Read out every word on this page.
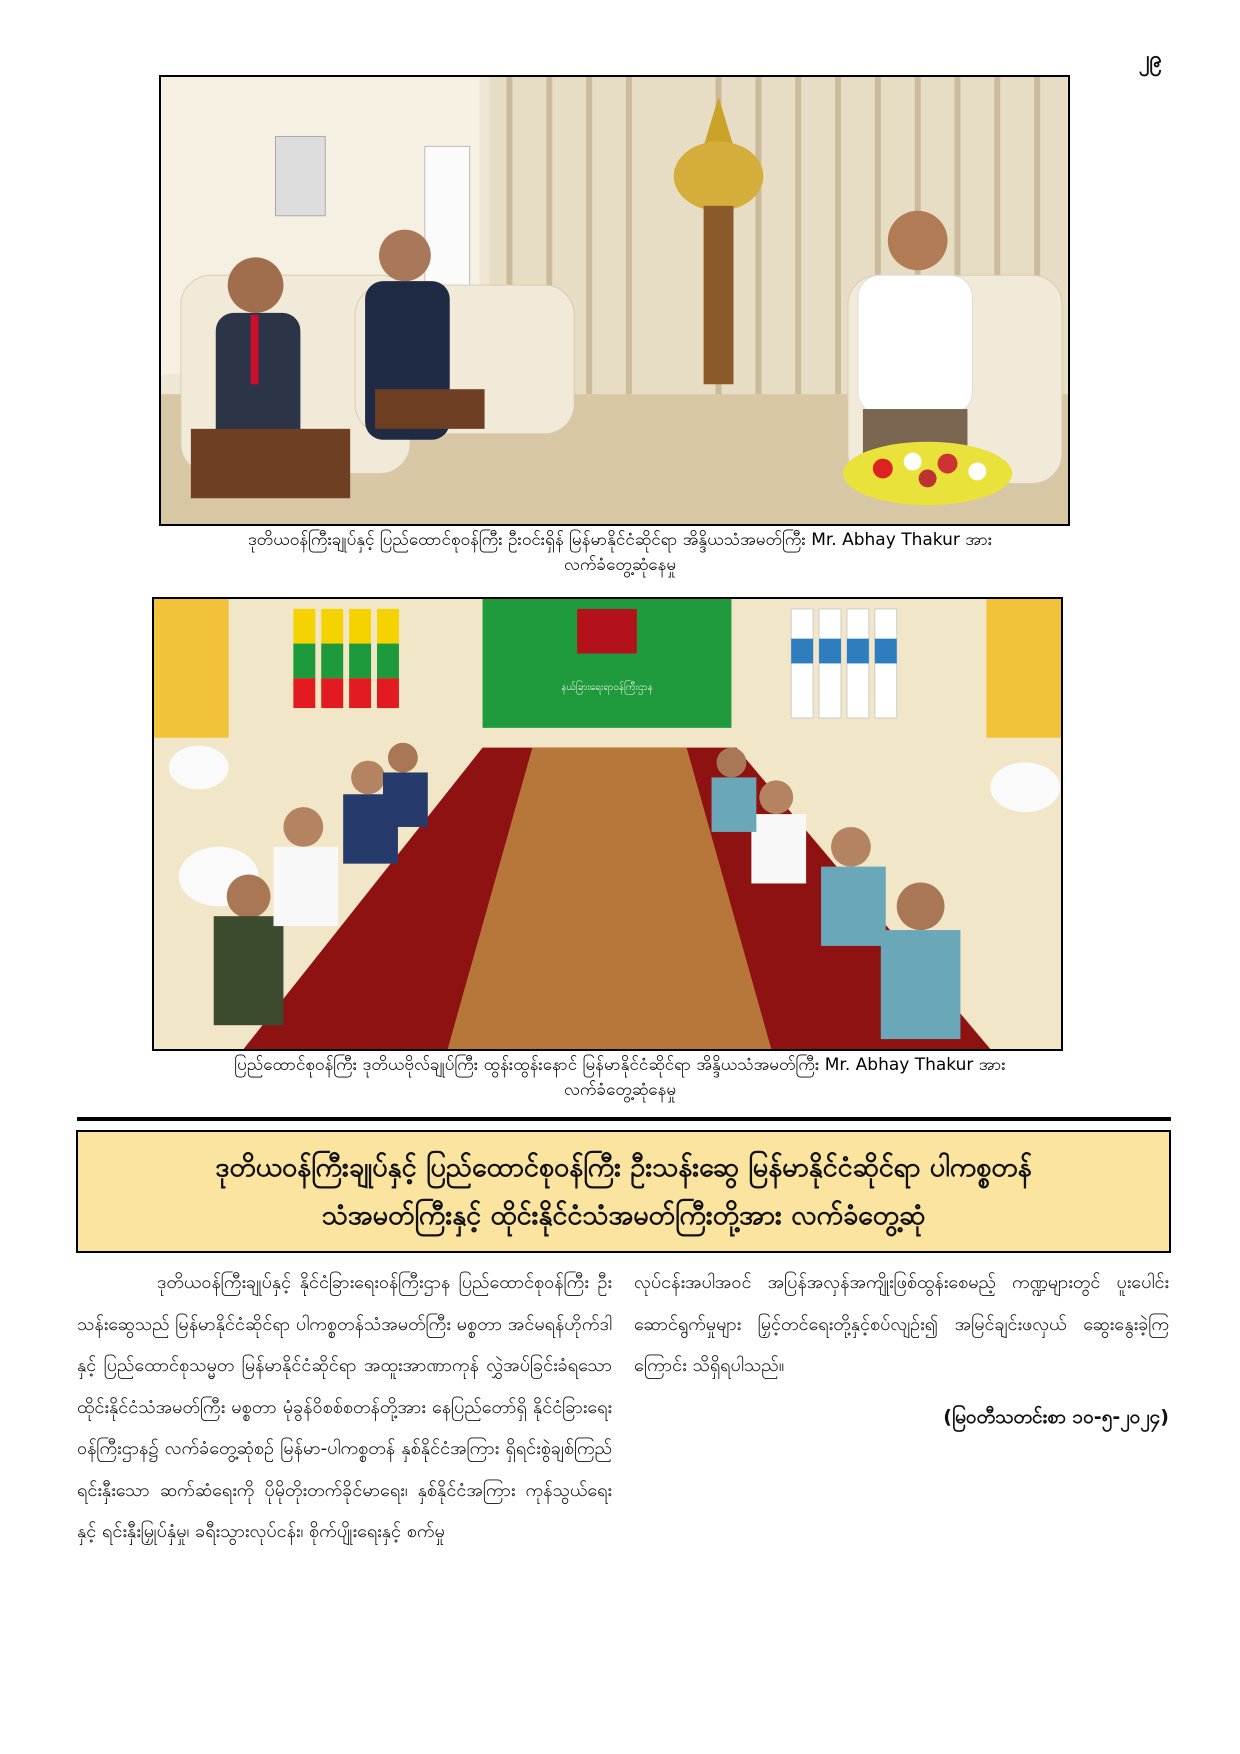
၂၉
ဒုတိယဝန်ကြီးချုပ်နှင့် ပြည်ထောင်စုဝန်ကြီး ဦးဝင်းရှိန် မြန်မာနိုင်ငံဆိုင်ရာ အိန္ဒိယသံအမတ်ကြီး Mr. Abhay Thakur အား
လက်ခံတွေ့ဆုံနေမှု
နယ်ခြားရေးရာဝန်ကြီးဌာန
ပြည်ထောင်စုဝန်ကြီး ဒုတိယဗိုလ်ချုပ်ကြီး ထွန်းထွန်းနောင် မြန်မာနိုင်ငံဆိုင်ရာ အိန္ဒိယသံအမတ်ကြီး Mr. Abhay Thakur အား
လက်ခံတွေ့ဆုံနေမှု
ဒုတိယဝန်ကြီးချုပ်နှင့် ပြည်ထောင်စုဝန်ကြီး ဦးသန်းဆွေ မြန်မာနိုင်ငံဆိုင်ရာ ပါကစ္စတန်
သံအမတ်ကြီးနှင့် ထိုင်းနိုင်ငံသံအမတ်ကြီးတို့အား လက်ခံတွေ့ဆုံ

ဒုတိယဝန်ကြီးချုပ်နှင့် နိုင်ငံခြားရေးဝန်ကြီးဌာန ပြည်ထောင်စုဝန်ကြီး ဦးသန်းဆွေသည် မြန်မာနိုင်ငံဆိုင်ရာ ပါကစ္စတန်သံအမတ်ကြီး မစ္စတာ အင်မရန်ဟိုက်ဒါနှင့် ပြည်ထောင်စုသမ္မတ မြန်မာနိုင်ငံဆိုင်ရာ အထူးအာဏာကုန် လွှဲအပ်ခြင်းခံရသော ထိုင်းနိုင်ငံသံအမတ်ကြီး မစ္စတာ မုံခွန်ဝိစစ်စတန်တို့အား နေပြည်တော်ရှိ နိုင်ငံခြားရေးဝန်ကြီးဌာန၌ လက်ခံတွေ့ဆုံစဉ် မြန်မာ-ပါကစ္စတန် နှစ်နိုင်ငံအကြား ရှိရင်းစွဲချစ်ကြည်ရင်းနှီးသော ဆက်ဆံရေးကို ပိုမိုတိုးတက်ခိုင်မာရေး၊ နှစ်နိုင်ငံအကြား ကုန်သွယ်ရေးနှင့် ရင်းနှီးမြှုပ်နှံမှု၊ ခရီးသွားလုပ်ငန်း၊ စိုက်ပျိုးရေးနှင့် စက်မှု

လုပ်ငန်းအပါအဝင် အပြန်အလှန်အကျိုးဖြစ်ထွန်းစေမည့် ကဏ္ဍများတွင် ပူးပေါင်းဆောင်ရွက်မှုများ မြှင့်တင်ရေးတို့နှင့်စပ်လျဉ်း၍ အမြင်ချင်းဖလှယ် ဆွေးနွေးခဲ့ကြကြောင်း သိရှိရပါသည်။

(မြဝတီသတင်းစာ ၁၀-၅-၂၀၂၄)
